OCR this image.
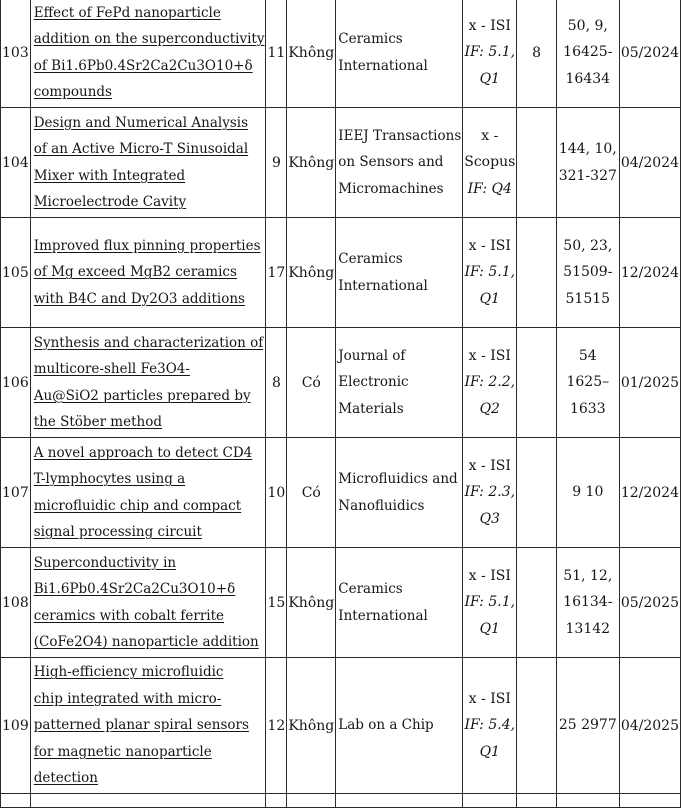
103	Effect of FePd nanoparticle
addition on the superconductivity
of Bi1.6Pb0.4Sr2Ca2Cu3O10+δ
compounds	11	Không	Ceramics
International	x - ISI
IF: 5.1,
Q1	8	50, 9,
16425-
16434	05/2024
104	Design and Numerical Analysis
of an Active Micro-T Sinusoidal
Mixer with Integrated
Microelectrode Cavity	9	Không	IEEJ Transactions
on Sensors and
Micromachines	x -
Scopus
IF: Q4		144, 10,
321-327	04/2024
105	Improved flux pinning properties
of Mg exceed MgB2 ceramics
with B4C and Dy2O3 additions	17	Không	Ceramics
International	x - ISI
IF: 5.1,
Q1		50, 23,
51509-
51515	12/2024
106	Synthesis and characterization of
multicore-shell Fe3O4-
Au@SiO2 particles prepared by
the Stöber method	8	Có	Journal of
Electronic
Materials	x - ISI
IF: 2.2,
Q2		54
1625–
1633	01/2025
107	A novel approach to detect CD4
T-lymphocytes using a
microfluidic chip and compact
signal processing circuit	10	Có	Microfluidics and
Nanofluidics	x - ISI
IF: 2.3,
Q3		9 10	12/2024
108	Superconductivity in
Bi1.6Pb0.4Sr2Ca2Cu3O10+δ
ceramics with cobalt ferrite
(CoFe2O4) nanoparticle addition	15	Không	Ceramics
International	x - ISI
IF: 5.1,
Q1		51, 12,
16134-
13142	05/2025
109	High-efficiency microfluidic
chip integrated with micro-
patterned planar spiral sensors
for magnetic nanoparticle
detection	12	Không	Lab on a Chip	x - ISI
IF: 5.4,
Q1		25 2977	04/2025
